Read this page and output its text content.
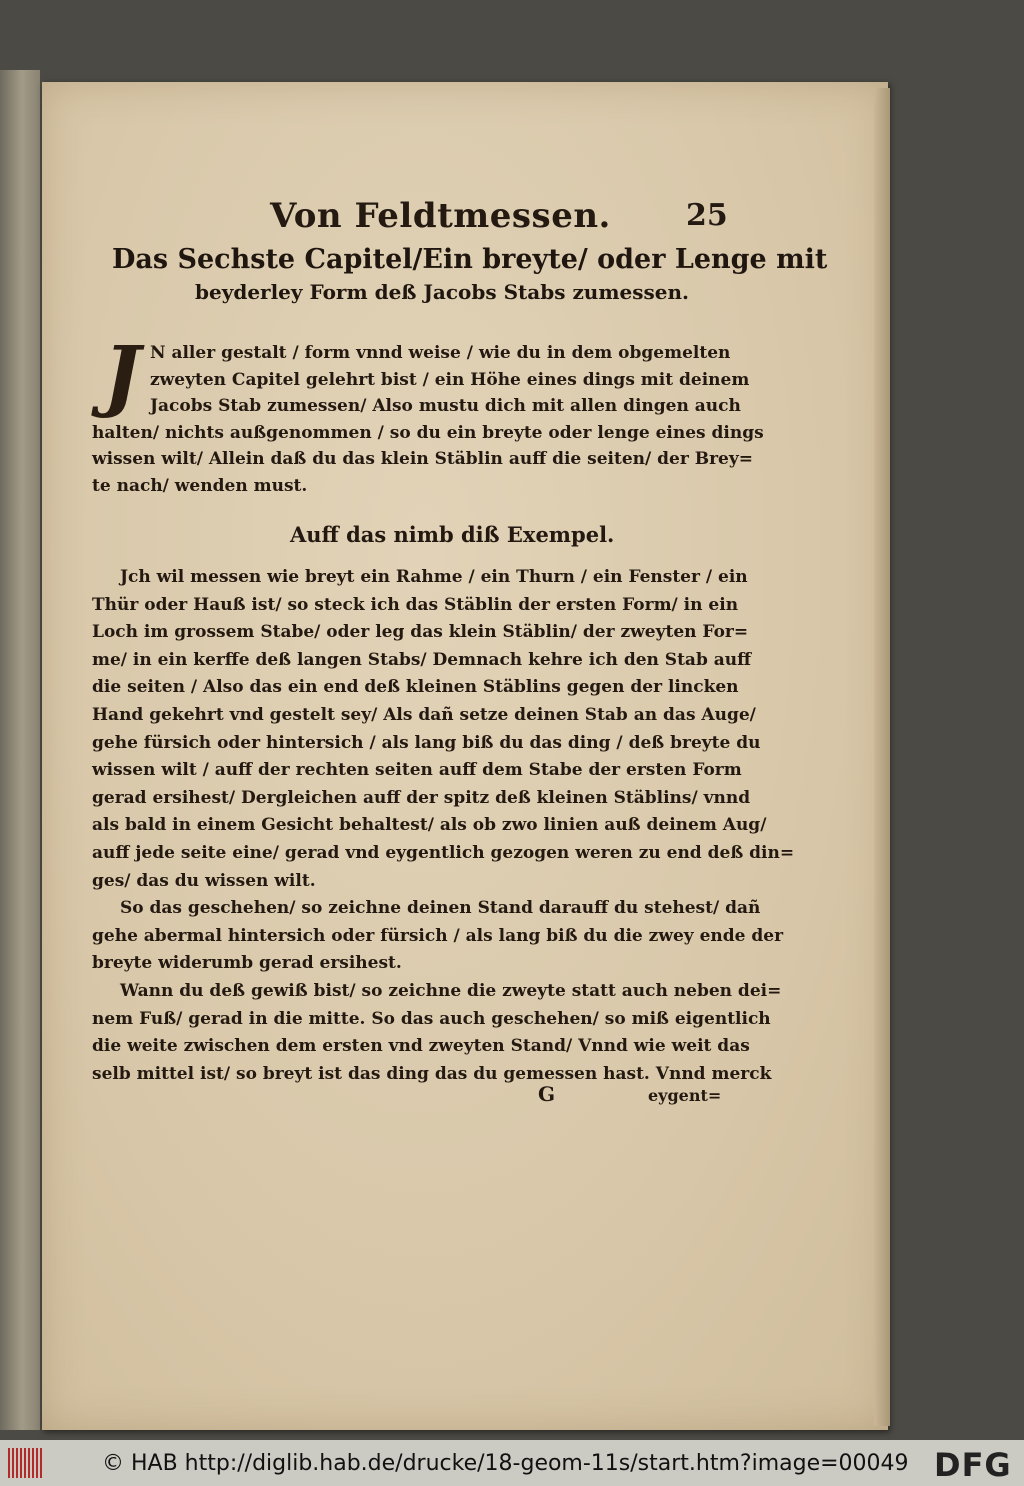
Von Feldtmessen.	25
Das Sechste Capitel/Ein breyte/ oder Lenge mit
beyderley Form deß Jacobs Stabs zumessen.
J N aller gestalt / form vnnd weise / wie du in dem obgemelten
zweyten Capitel gelehrt bist / ein Höhe eines dings mit deinem
Jacobs Stab zumessen/ Also mustu dich mit allen dingen auch
halten/ nichts außgenommen / so du ein breyte oder lenge eines dings
wissen wilt/ Allein daß du das klein Stäblin auff die seiten/ der Brey=
te nach/ wenden must.
Auff das nimb diß Exempel.
Jch wil messen wie breyt ein Rahme / ein Thurn / ein Fenster / ein
Thür oder Hauß ist/ so steck ich das Stäblin der ersten Form/ in ein
Loch im grossem Stabe/ oder leg das klein Stäblin/ der zweyten For=
me/ in ein kerffe deß langen Stabs/ Demnach kehre ich den Stab auff
die seiten / Also das ein end deß kleinen Stäblins gegen der lincken
Hand gekehrt vnd gestelt sey/ Als dañ setze deinen Stab an das Auge/
gehe fürsich oder hintersich / als lang biß du das ding / deß breyte du
wissen wilt / auff der rechten seiten auff dem Stabe der ersten Form
gerad ersihest/ Dergleichen auff der spitz deß kleinen Stäblins/ vnnd
als bald in einem Gesicht behaltest/ als ob zwo linien auß deinem Aug/
auff jede seite eine/ gerad vnd eygentlich gezogen weren zu end deß din=
ges/ das du wissen wilt.
So das geschehen/ so zeichne deinen Stand darauff du stehest/ dañ
gehe abermal hintersich oder fürsich / als lang biß du die zwey ende der
breyte widerumb gerad ersihest.
Wann du deß gewiß bist/ so zeichne die zweyte statt auch neben dei=
nem Fuß/ gerad in die mitte. So das auch geschehen/ so miß eigentlich
die weite zwischen dem ersten vnd zweyten Stand/ Vnnd wie weit das
selb mittel ist/ so breyt ist das ding das du gemessen hast. Vnnd merck
G	eygent=
© HAB http://diglib.hab.de/drucke/18-geom-11s/start.htm?image=00049 DFG
